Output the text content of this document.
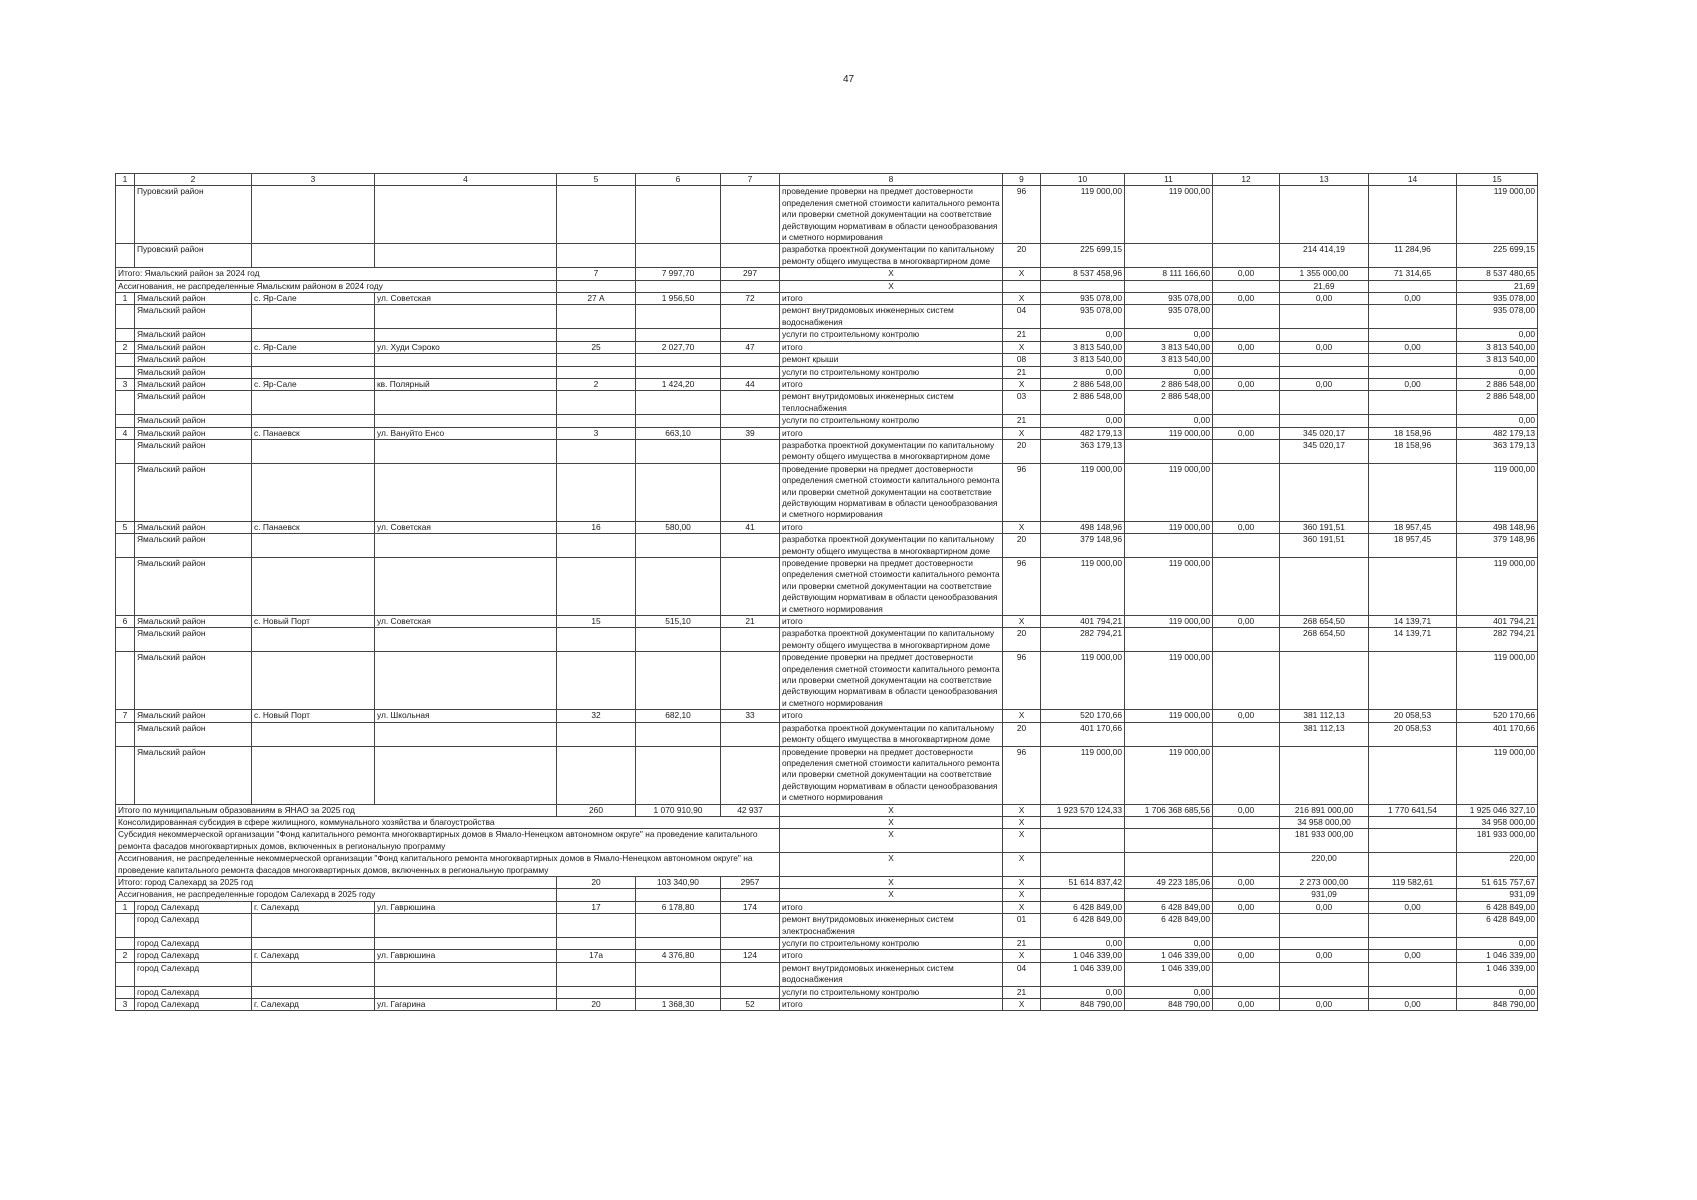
47
1	2	3	4	5	6	7	8	9	10	11	12	13	14	15
	Пуровский район						проведение проверки на предмет достоверности определения сметной стоимости капитального ремонта или проверки сметной документации на соответствие действующим нормативам в области ценообразования и сметного нормирования	96	119 000,00	119 000,00				119 000,00
	Пуровский район						разработка проектной документации по капитальному ремонту общего имущества в многоквартирном доме	20	225 699,15			214 414,19	11 284,96	225 699,15
Итого: Ямальский район за 2024 год				7	7 997,70	297	X	X	8 537 458,96	8 111 166,60	0,00	1 355 000,00	71 314,65	8 537 480,65
Ассигнования, не распределенные Ямальским районом в 2024 году							X					21,69		21,69
1	Ямальский район	с. Яр-Сале	ул. Советская	27 А	1 956,50	72	итого	X	935 078,00	935 078,00	0,00	0,00	0,00	935 078,00
	Ямальский район						ремонт внутридомовых инженерных систем водоснабжения	04	935 078,00	935 078,00				935 078,00
	Ямальский район						услуги по строительному контролю	21	0,00	0,00				0,00
2	Ямальский район	с. Яр-Сале	ул. Худи Сэроко	25	2 027,70	47	итого	X	3 813 540,00	3 813 540,00	0,00	0,00	0,00	3 813 540,00
	Ямальский район						ремонт крыши	08	3 813 540,00	3 813 540,00				3 813 540,00
	Ямальский район						услуги по строительному контролю	21	0,00	0,00				0,00
3	Ямальский район	с. Яр-Сале	кв. Полярный	2	1 424,20	44	итого	X	2 886 548,00	2 886 548,00	0,00	0,00	0,00	2 886 548,00
	Ямальский район						ремонт внутридомовых инженерных систем теплоснабжения	03	2 886 548,00	2 886 548,00				2 886 548,00
	Ямальский район						услуги по строительному контролю	21	0,00	0,00				0,00
4	Ямальский район	с. Панаевск	ул. Вануйто Енсо	3	663,10	39	итого	X	482 179,13	119 000,00	0,00	345 020,17	18 158,96	482 179,13
	Ямальский район						разработка проектной документации по капитальному ремонту общего имущества в многоквартирном доме	20	363 179,13			345 020,17	18 158,96	363 179,13
	Ямальский район						проведение проверки на предмет достоверности определения сметной стоимости капитального ремонта или проверки сметной документации на соответствие действующим нормативам в области ценообразования и сметного нормирования	96	119 000,00	119 000,00				119 000,00
5	Ямальский район	с. Панаевск	ул. Советская	16	580,00	41	итого	X	498 148,96	119 000,00	0,00	360 191,51	18 957,45	498 148,96
	Ямальский район						разработка проектной документации по капитальному ремонту общего имущества в многоквартирном доме	20	379 148,96			360 191,51	18 957,45	379 148,96
	Ямальский район						проведение проверки на предмет достоверности определения сметной стоимости капитального ремонта или проверки сметной документации на соответствие действующим нормативам в области ценообразования и сметного нормирования	96	119 000,00	119 000,00				119 000,00
6	Ямальский район	с. Новый Порт	ул. Советская	15	515,10	21	итого	X	401 794,21	119 000,00	0,00	268 654,50	14 139,71	401 794,21
	Ямальский район						разработка проектной документации по капитальному ремонту общего имущества в многоквартирном доме	20	282 794,21			268 654,50	14 139,71	282 794,21
	Ямальский район						проведение проверки на предмет достоверности определения сметной стоимости капитального ремонта или проверки сметной документации на соответствие действующим нормативам в области ценообразования и сметного нормирования	96	119 000,00	119 000,00				119 000,00
7	Ямальский район	с. Новый Порт	ул. Школьная	32	682,10	33	итого	X	520 170,66	119 000,00	0,00	381 112,13	20 058,53	520 170,66
	Ямальский район						разработка проектной документации по капитальному ремонту общего имущества в многоквартирном доме	20	401 170,66			381 112,13	20 058,53	401 170,66
	Ямальский район						проведение проверки на предмет достоверности определения сметной стоимости капитального ремонта или проверки сметной документации на соответствие действующим нормативам в области ценообразования и сметного нормирования	96	119 000,00	119 000,00				119 000,00
Итого по муниципальным образованиям в ЯНАО за 2025 год				260	1 070 910,90	42 937	X	X	1 923 570 124,33	1 706 368 685,56	0,00	216 891 000,00	1 770 641,54	1 925 046 327,10
Консолидированная субсидия в сфере жилищного, коммунального хозяйства и благоустройства							X	X				34 958 000,00		34 958 000,00
Субсидия некоммерческой организации "Фонд капитального ремонта многоквартирных домов в Ямало-Ненецком автономном округе" на проведение капитального ремонта фасадов многоквартирных домов, включенных в региональную программу							X	X				181 933 000,00		181 933 000,00
Ассигнования, не распределенные некоммерческой организации "Фонд капитального ремонта многоквартирных домов в Ямало-Ненецком автономном округе" на проведение капитального ремонта фасадов многоквартирных домов, включенных в региональную программу							X	X				220,00		220,00
Итого: город Салехард за 2025 год				20	103 340,90	2957	X	X	51 614 837,42	49 223 185,06	0,00	2 273 000,00	119 582,61	51 615 757,67
Ассигнования, не распределенные городом Салехард в 2025 году							X	X				931,09		931,09
1	город Салехард	г. Салехард	ул. Гаврюшина	17	6 178,80	174	итого	X	6 428 849,00	6 428 849,00	0,00	0,00	0,00	6 428 849,00
	город Салехард						ремонт внутридомовых инженерных систем электроснабжения	01	6 428 849,00	6 428 849,00				6 428 849,00
	город Салехард						услуги по строительному контролю	21	0,00	0,00				0,00
2	город Салехард	г. Салехард	ул. Гаврюшина	17а	4 376,80	124	итого	X	1 046 339,00	1 046 339,00	0,00	0,00	0,00	1 046 339,00
	город Салехард						ремонт внутридомовых инженерных систем водоснабжения	04	1 046 339,00	1 046 339,00				1 046 339,00
	город Салехард						услуги по строительному контролю	21	0,00	0,00				0,00
3	город Салехард	г. Салехард	ул. Гагарина	20	1 368,30	52	итого	X	848 790,00	848 790,00	0,00	0,00	0,00	848 790,00
